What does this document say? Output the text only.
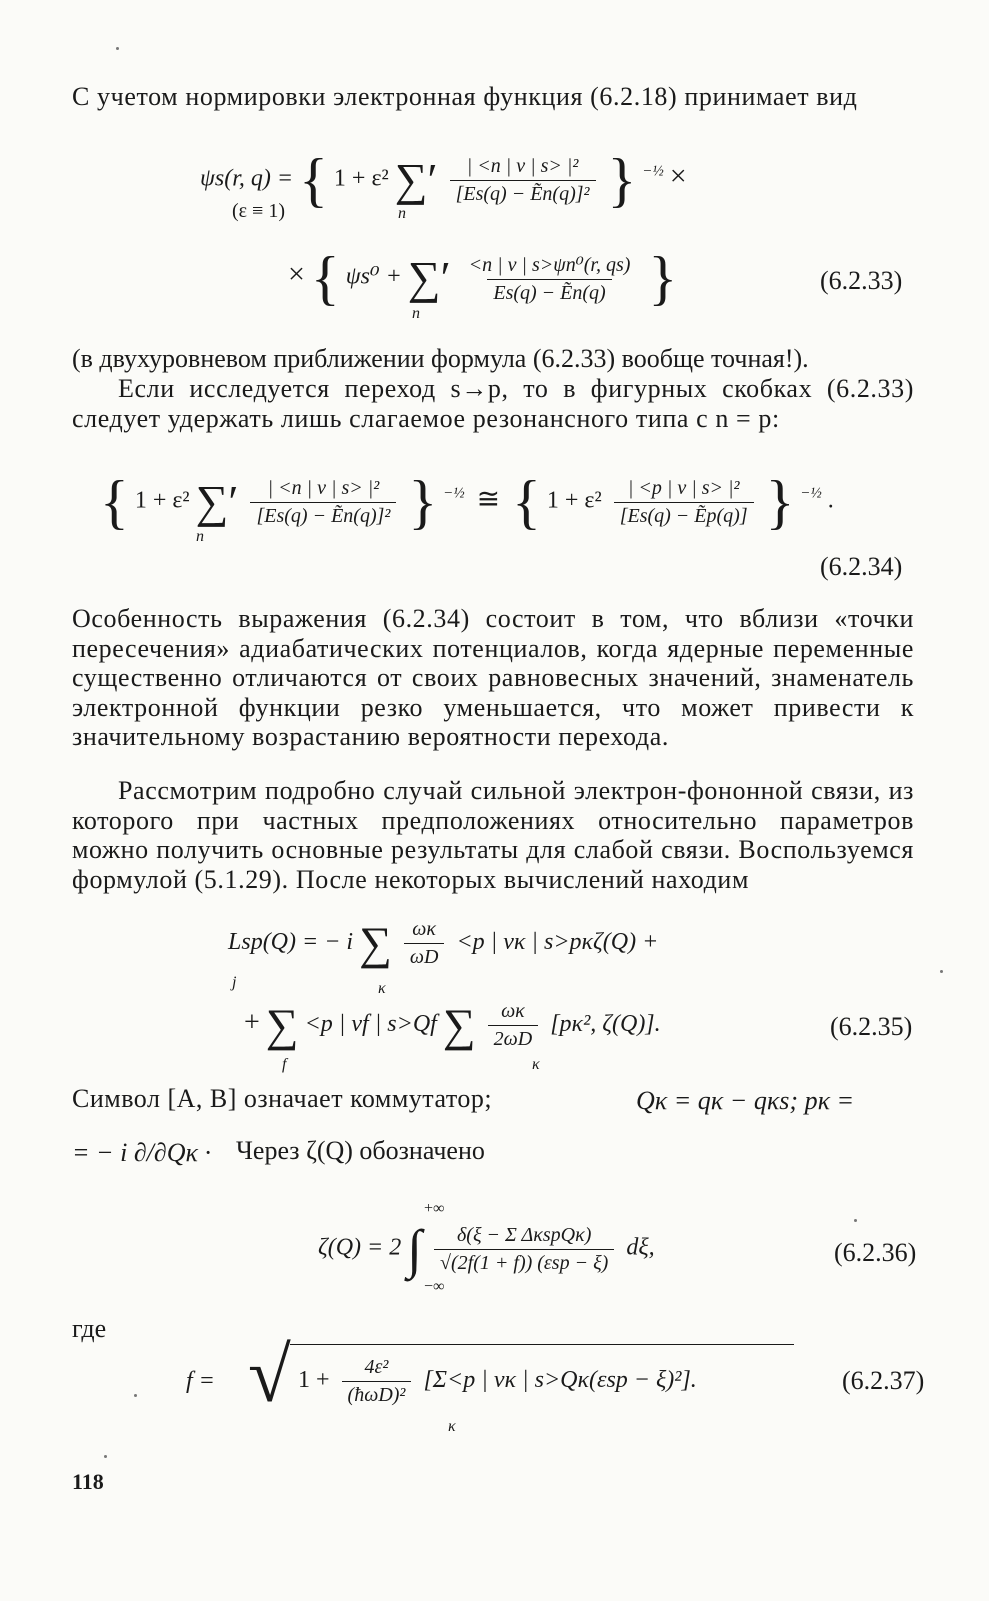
С учетом нормировки электронная функция (6.2.18) принимает вид

ψs(r, q) = { 1 + ε² ∑′ $\frac{\text{| <n | v | s> |²}}{\text{[Es(q) − Ẽn(q)]²}}$ } $^{-\frac{1}{2}}$ ×
(ε ≡ 1)	n
× { ψs⁰ + ∑′ $\frac{\text{<n | v | s>ψn⁰(r, qs)}}{\text{Es(q) − Ẽn(q)}}$ }
n
(6.2.33)

(в двухуровневом приближении формула (6.2.33) вообще точная!).

Если исследуется переход s→p, то в фигурных скобках (6.2.33) следует удержать лишь слагаемое резонансного типа с n = p:

{ 1 + ε² ∑′ $\frac{\text{| <n | v | s> |²}}{\text{[Es(q) − Ẽn(q)]²}}$ } $^{-\frac{1}{2}}$ ≅ { $1 + \varepsilon^2 \frac{\text{| <p | v | s> |²}}{\text{[Es(q) − Ẽp(q)]}}$ } $^{-\frac{1}{2}}$ .
n
(6.2.34)

Особенность выражения (6.2.34) состоит в том, что вблизи «точки пересечения» адиабатических потенциалов, когда ядерные переменные существенно отличаются от своих равновесных значений, знаменатель электронной функции резко уменьшается, что может привести к значительному возрастанию вероятности перехода.

Рассмотрим подробно случай сильной электрон-фононной связи, из которого при частных предположениях относительно параметров можно получить основные результаты для слабой связи. Воспользуемся формулой (5.1.29). После некоторых вычислений находим

Lsp(Q) = − i ∑ $\frac{\omega\kappa}{\omega D} <p$ | vκ | s>pκζ(Q) +
κ
j
+ ∑ <p | vf | s>Qf ∑ $\frac{\omega\kappa}{2\omega D} [p\kappa^2$, ζ(Q)].
f	κ
(6.2.35)

Символ [A, B] означает коммутатор;	Qκ = qκ − qκs; pκ =
= − i ∂/∂Qκ · Через ζ(Q) обозначено

ζ(Q) = 2 ∫ $\frac{\text{δ(ξ − Σ ΔκspQκ)}}{\text{√(2f(1 + f)) (εsp − ξ)}} d\xi$,
+∞
−∞
(6.2.36)

где

f = √ $1 + \frac{\text{4ε²}}{\text{(ħωD)²}} [\Sigma<p$ | vκ | s>Qκ(εsp − ξ)²].
κ
(6.2.37)
118
